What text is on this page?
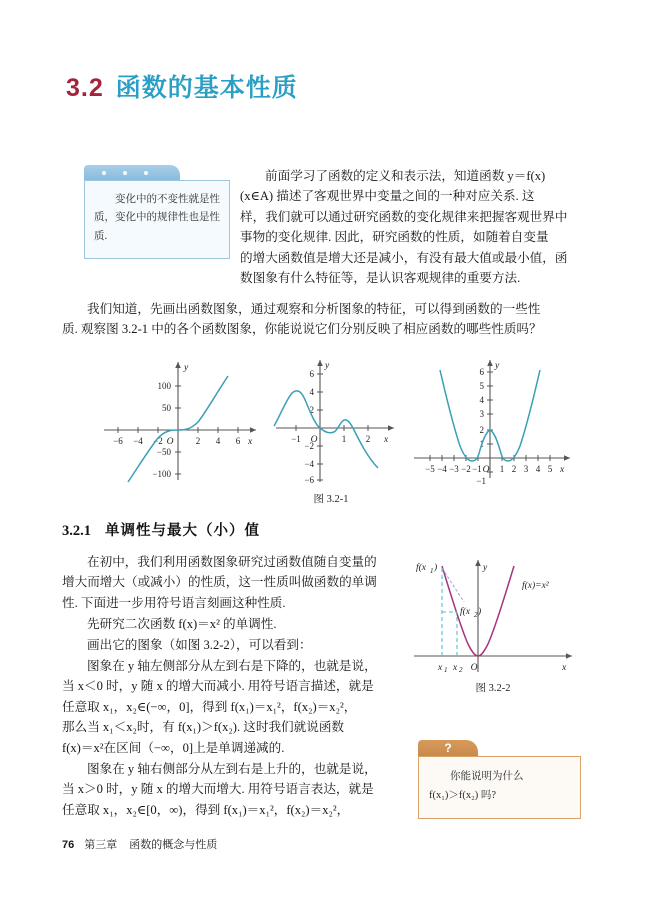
3.2 函数的基本性质
变化中的不变性就是性质，变化中的规律性也是性质.
前面学习了函数的定义和表示法，知道函数 y＝f(x)
(x∈A) 描述了客观世界中变量之间的一种对应关系. 这
样，我们就可以通过研究函数的变化规律来把握客观世界中
事物的变化规律. 因此，研究函数的性质，如随着自变量
的增大函数值是增大还是减小，有没有最大值或最小值，函
数图象有什么特征等，是认识客观规律的重要方法.
我们知道，先画出函数图象，通过观察和分析图象的特征，可以得到函数的一些性
质. 观察图 3.2-1 中的各个函数图象，你能说说它们分别反映了相应函数的哪些性质吗？
−6 −4 −2	2 4 6
O
100
50
−50
−100
y
x	−1	1 2
O
6
4
2
−2
−4
−6
y
x
−5 −4 −3 −2 −1 O 1 2 3 4 5
6
5
4
3
2
1
−1
y
x
图 3.2-1
3.2.1 单调性与最大（小）值
在初中，我们利用函数图象研究过函数值随自变量的
增大而增大（或减小）的性质，这一性质叫做函数的单调
性. 下面进一步用符号语言刻画这种性质.
先研究二次函数 f(x)＝x² 的单调性.
画出它的图象（如图 3.2-2），可以看到：
图象在 y 轴左侧部分从左到右是下降的，也就是说，
当 x＜0 时，y 随 x 的增大而减小. 用符号语言描述，就是
任意取 x₁，x₂∈(−∞，0]，得到 f(x₁)＝x₁²，f(x₂)＝x₂²，
那么当 x₁＜x₂时，有 f(x₁)＞f(x₂). 这时我们就说函数
f(x)＝x²在区间（−∞，0]上是单调递减的.
图象在 y 轴右侧部分从左到右是上升的，也就是说，
当 x＞0 时，y 随 x 的增大而增大. 用符号语言表达，就是
任意取 x₁，x₂∈[0，∞)，得到 f(x₁)＝x₁²，f(x₂)＝x₂²，
y
x
O
f(x 1 )
f(x 2 )
x 1 x 2
f(x)=x²
图 3.2-2
?
你能说明为什么
f(x₁)＞f(x₂) 吗?
76 第三章 函数的概念与性质
